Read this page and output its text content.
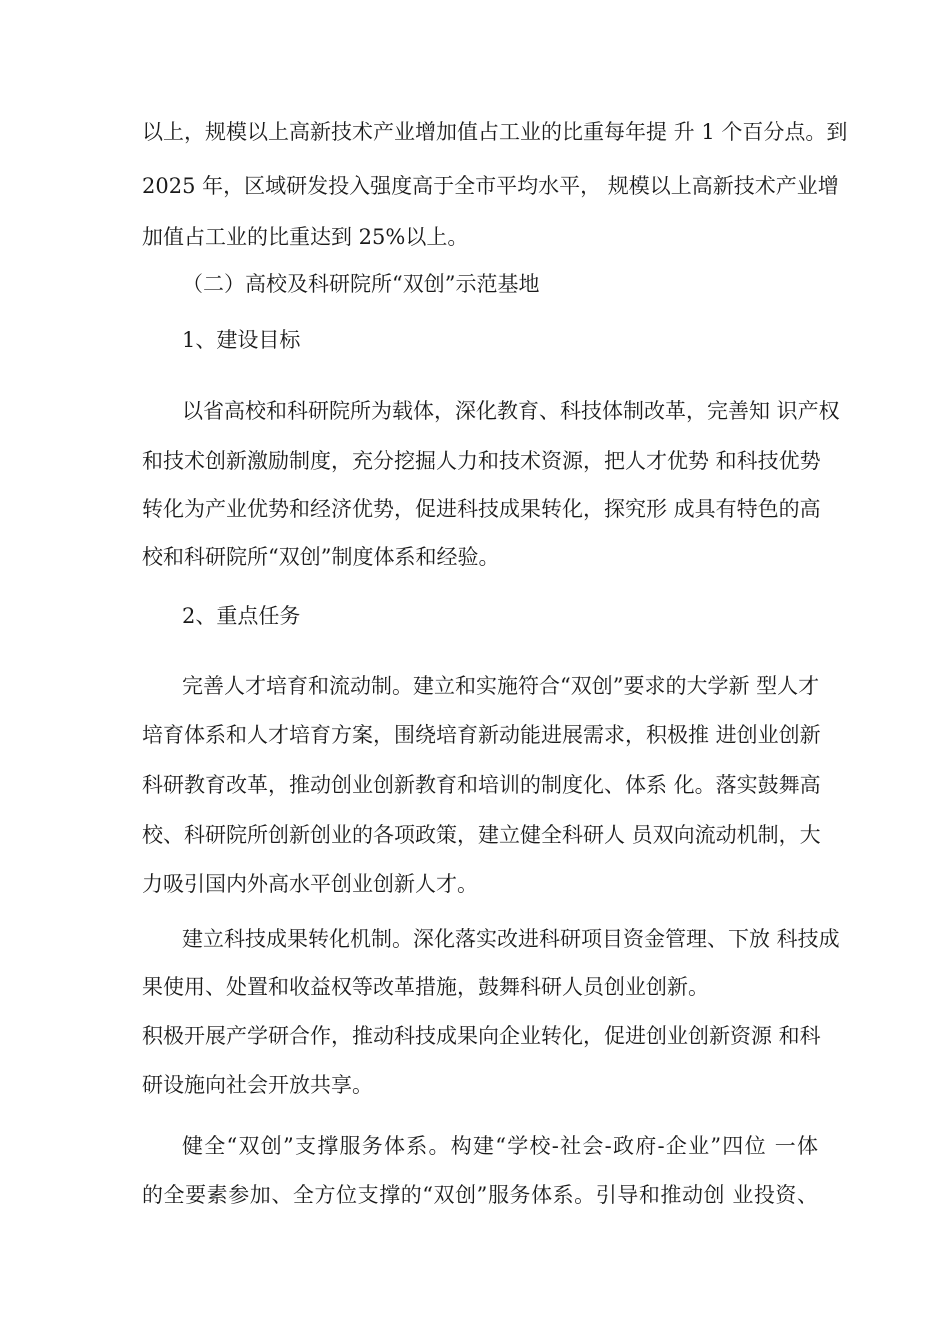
以上，规模以上高新技术产业增加值占工业的比重每年提 升 1 个百分点。到
2025 年，区域研发投入强度高于全市平均水平， 规模以上高新技术产业增
加值占工业的比重达到 25%以上。
（二）高校及科研院所“双创”示范基地
1、建设目标
以省高校和科研院所为载体，深化教育、科技体制改革，完善知 识产权
和技术创新激励制度，充分挖掘人力和技术资源，把人才优势 和科技优势
转化为产业优势和经济优势，促进科技成果转化，探究形 成具有特色的高
校和科研院所“双创”制度体系和经验。
2、重点任务
完善人才培育和流动制。建立和实施符合“双创”要求的大学新 型人才
培育体系和人才培育方案，围绕培育新动能进展需求，积极推 进创业创新
科研教育改革，推动创业创新教育和培训的制度化、体系 化。落实鼓舞高
校、科研院所创新创业的各项政策，建立健全科研人 员双向流动机制，大
力吸引国内外高水平创业创新人才。
建立科技成果转化机制。深化落实改进科研项目资金管理、下放 科技成
果使用、处置和收益权等改革措施，鼓舞科研人员创业创新。
积极开展产学研合作，推动科技成果向企业转化，促进创业创新资源 和科
研设施向社会开放共享。
健全“双创”支撑服务体系。构建“学校-社会-政府-企业”四位 一体
的全要素参加、全方位支撑的“双创”服务体系。引导和推动创 业投资、
